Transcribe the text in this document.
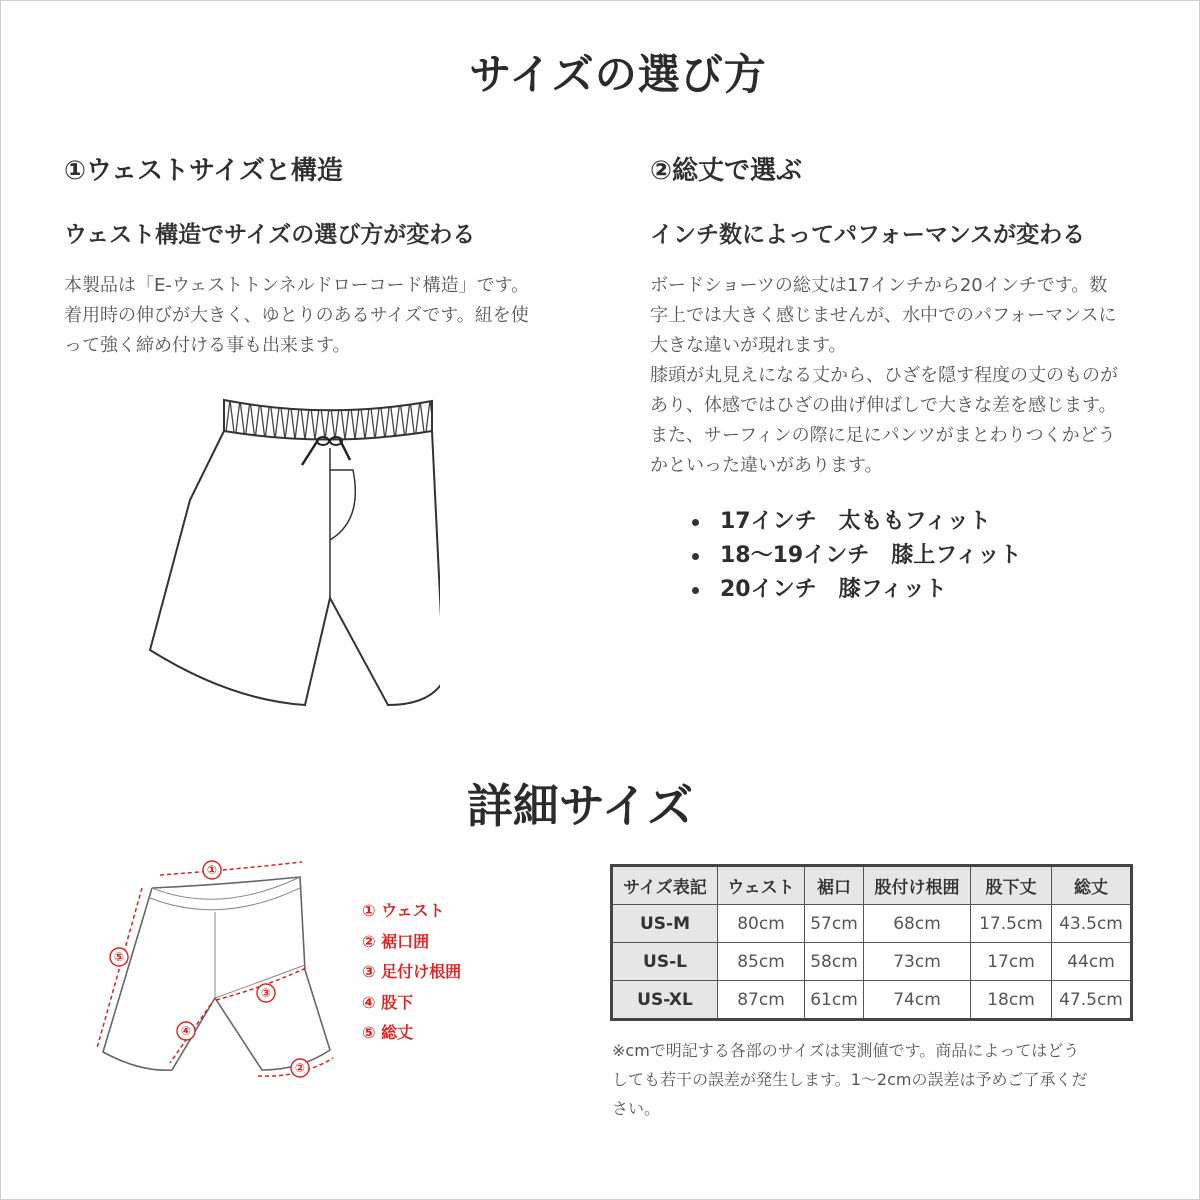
サイズの選び方
①ウェストサイズと構造
ウェスト構造でサイズの選び方が変わる

本製品は「E-ウェストトンネルドローコード構造」です。

着用時の伸びが大きく、ゆとりのあるサイズです。紐を使

って強く締め付ける事も出来ます。

②総丈で選ぶ
インチ数によってパフォーマンスが変わる

ボードショーツの総丈は17インチから20インチです。数

字上では大きく感じませんが、水中でのパフォーマンスに

大きな違いが現れます。

膝頭が丸見えになる丈から、ひざを隠す程度の丈のものが

あり、体感ではひざの曲げ伸ばしで大きな差を感じます。

また、サーフィンの際に足にパンツがまとわりつくかどう

かといった違いがあります。

17インチ　太ももフィット
18〜19インチ　膝上フィット
20インチ　膝フィット
詳細サイズ
①
②
③
④
⑤
① ウェスト
② 裾口囲
③ 足付け根囲
④ 股下
⑤ 総丈
サイズ表記	ウェスト	裾口	股付け根囲	股下丈	総丈
US-M	80cm	57cm	68cm	17.5cm	43.5cm
US-L	85cm	58cm	73cm	17cm	44cm
US-XL	87cm	61cm	74cm	18cm	47.5cm

※cmで明記する各部のサイズは実測値です。商品によってはどう

しても若干の誤差が発生します。1〜2cmの誤差は予めご了承くだ

さい。
